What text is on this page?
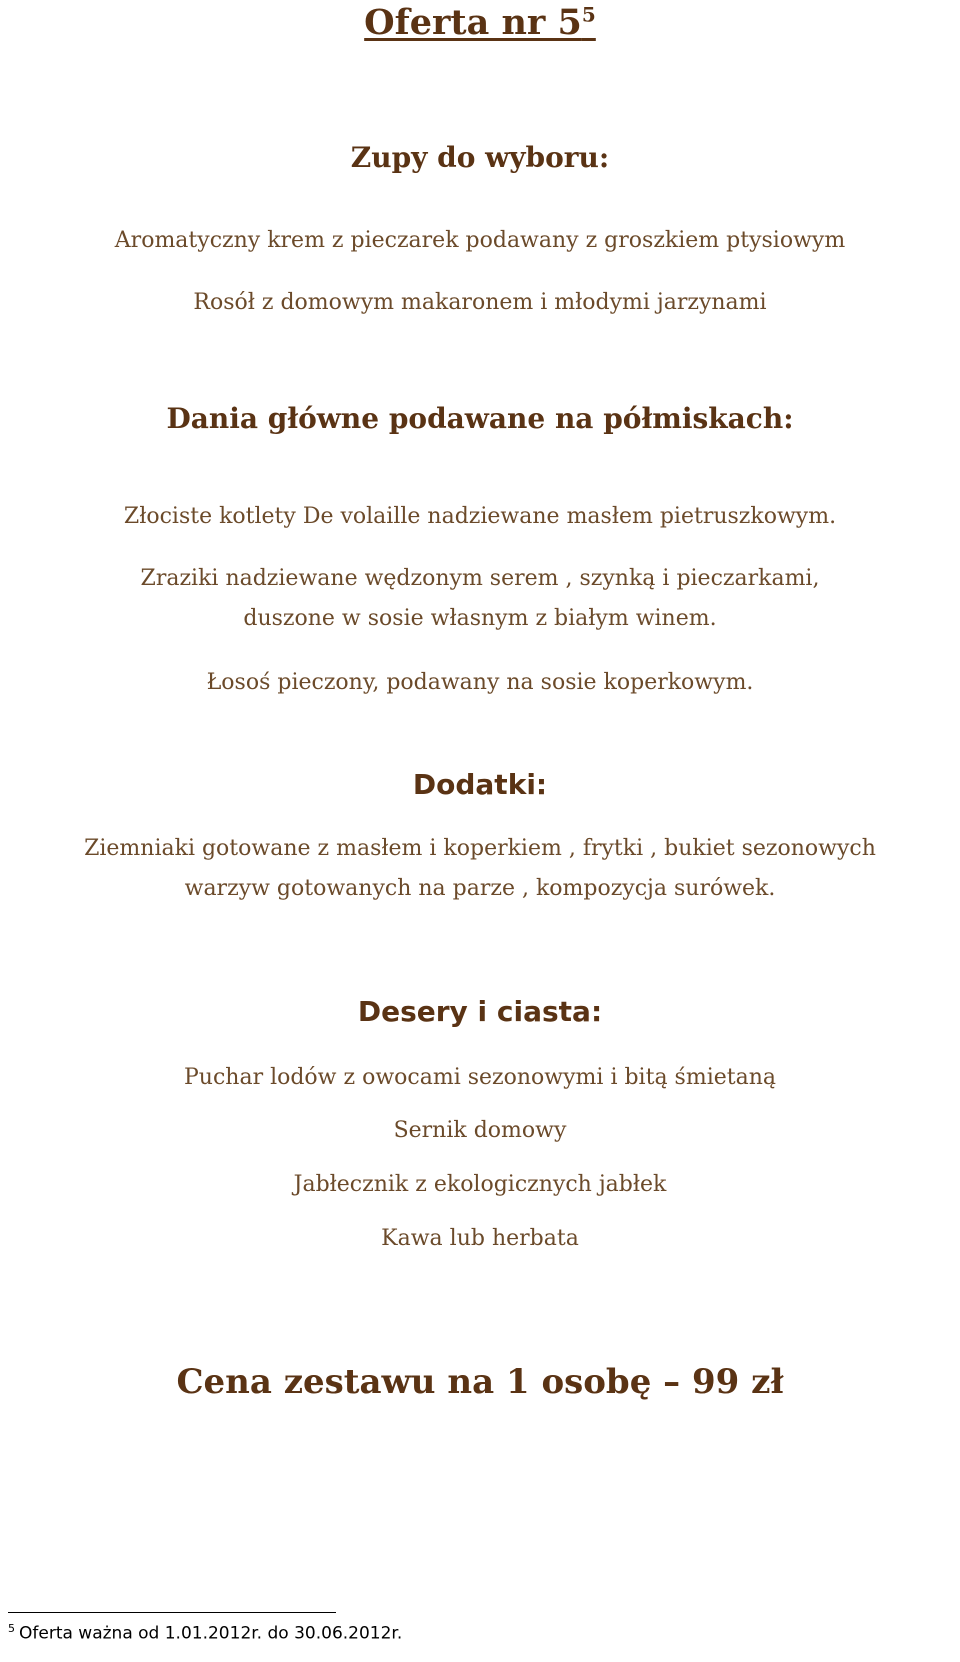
Oferta nr $5^5$
Zupy do wyboru:
Aromatyczny krem z pieczarek podawany z groszkiem ptysiowym
Rosół z domowym makaronem i młodymi jarzynami
Dania główne podawane na półmiskach:
Złociste kotlety De volaille nadziewane masłem pietruszkowym.
Zraziki nadziewane wędzonym serem , szynką i pieczarkami,
duszone w sosie własnym z białym winem.
Łosoś pieczony, podawany na sosie koperkowym.
Dodatki:
Ziemniaki gotowane z masłem i koperkiem , frytki , bukiet sezonowych
warzyw gotowanych na parze , kompozycja surówek.
Desery i ciasta:
Puchar lodów z owocami sezonowymi i bitą śmietaną
Sernik domowy
Jabłecznik z ekologicznych jabłek
Kawa lub herbata
Cena zestawu na 1 osobę – 99 zł
$^5$ Oferta ważna od 1.01.2012r. do 30.06.2012r.
